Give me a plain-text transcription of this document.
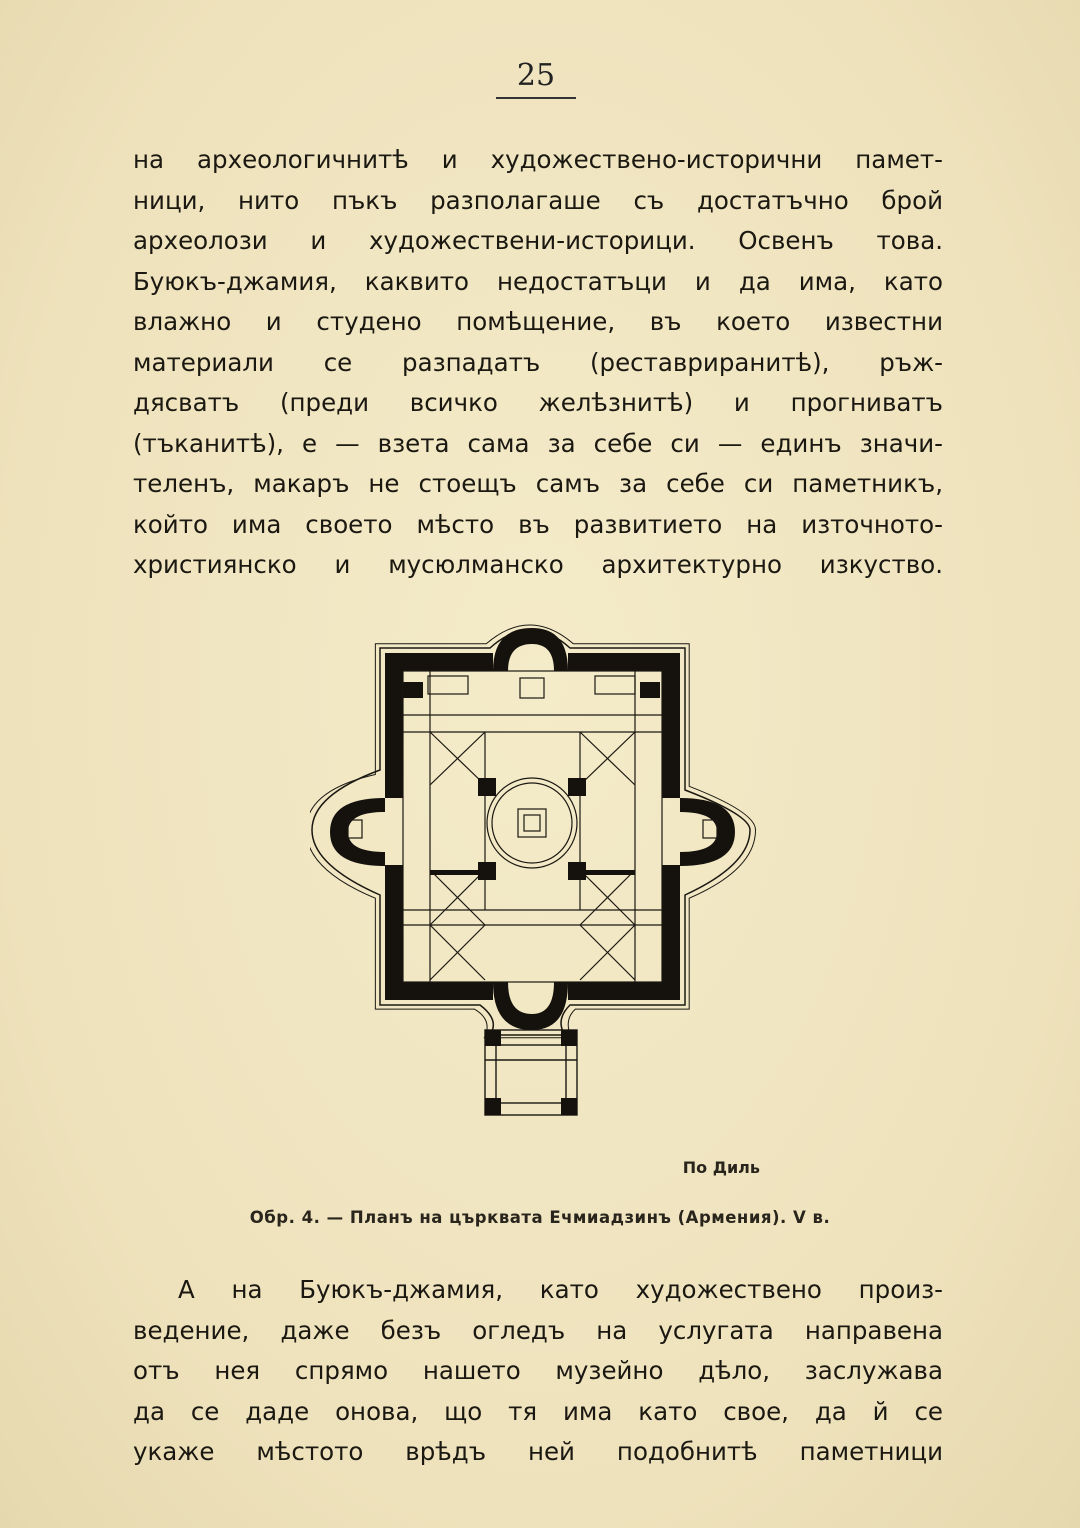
25
на археологичнитѣ и художествено-исторични памет-
ници, нито пъкъ разполагаше съ достатъчно брой
археолози и художествени-историци. Освенъ това.
Буюкъ-джамия, каквито недостатъци и да има, като
влажно и студено помѣщение, въ което известни
материали се разпадатъ (реставриранитѣ), ръж-
дясватъ (преди всичко желѣзнитѣ) и прогниватъ
(тъканитѣ), е — взета сама за себе си — единъ значи-
теленъ, макаръ не стоещъ самъ за себе си паметникъ,
който има своето мѣсто въ развитието на източното-
християнско и мусюлманско архитектурно изкуство.
По Диль
Обр. 4. — Планъ на църквата Ечмиадзинъ (Армения). V в.
А на Буюкъ-джамия, като художествено произ-
ведение, даже безъ огледъ на услугата направена
отъ нея спрямо нашето музейно дѣло, заслужава
да се даде онова, що тя има като свое, да й се
укаже мѣстото врѣдъ ней подобнитѣ паметници
